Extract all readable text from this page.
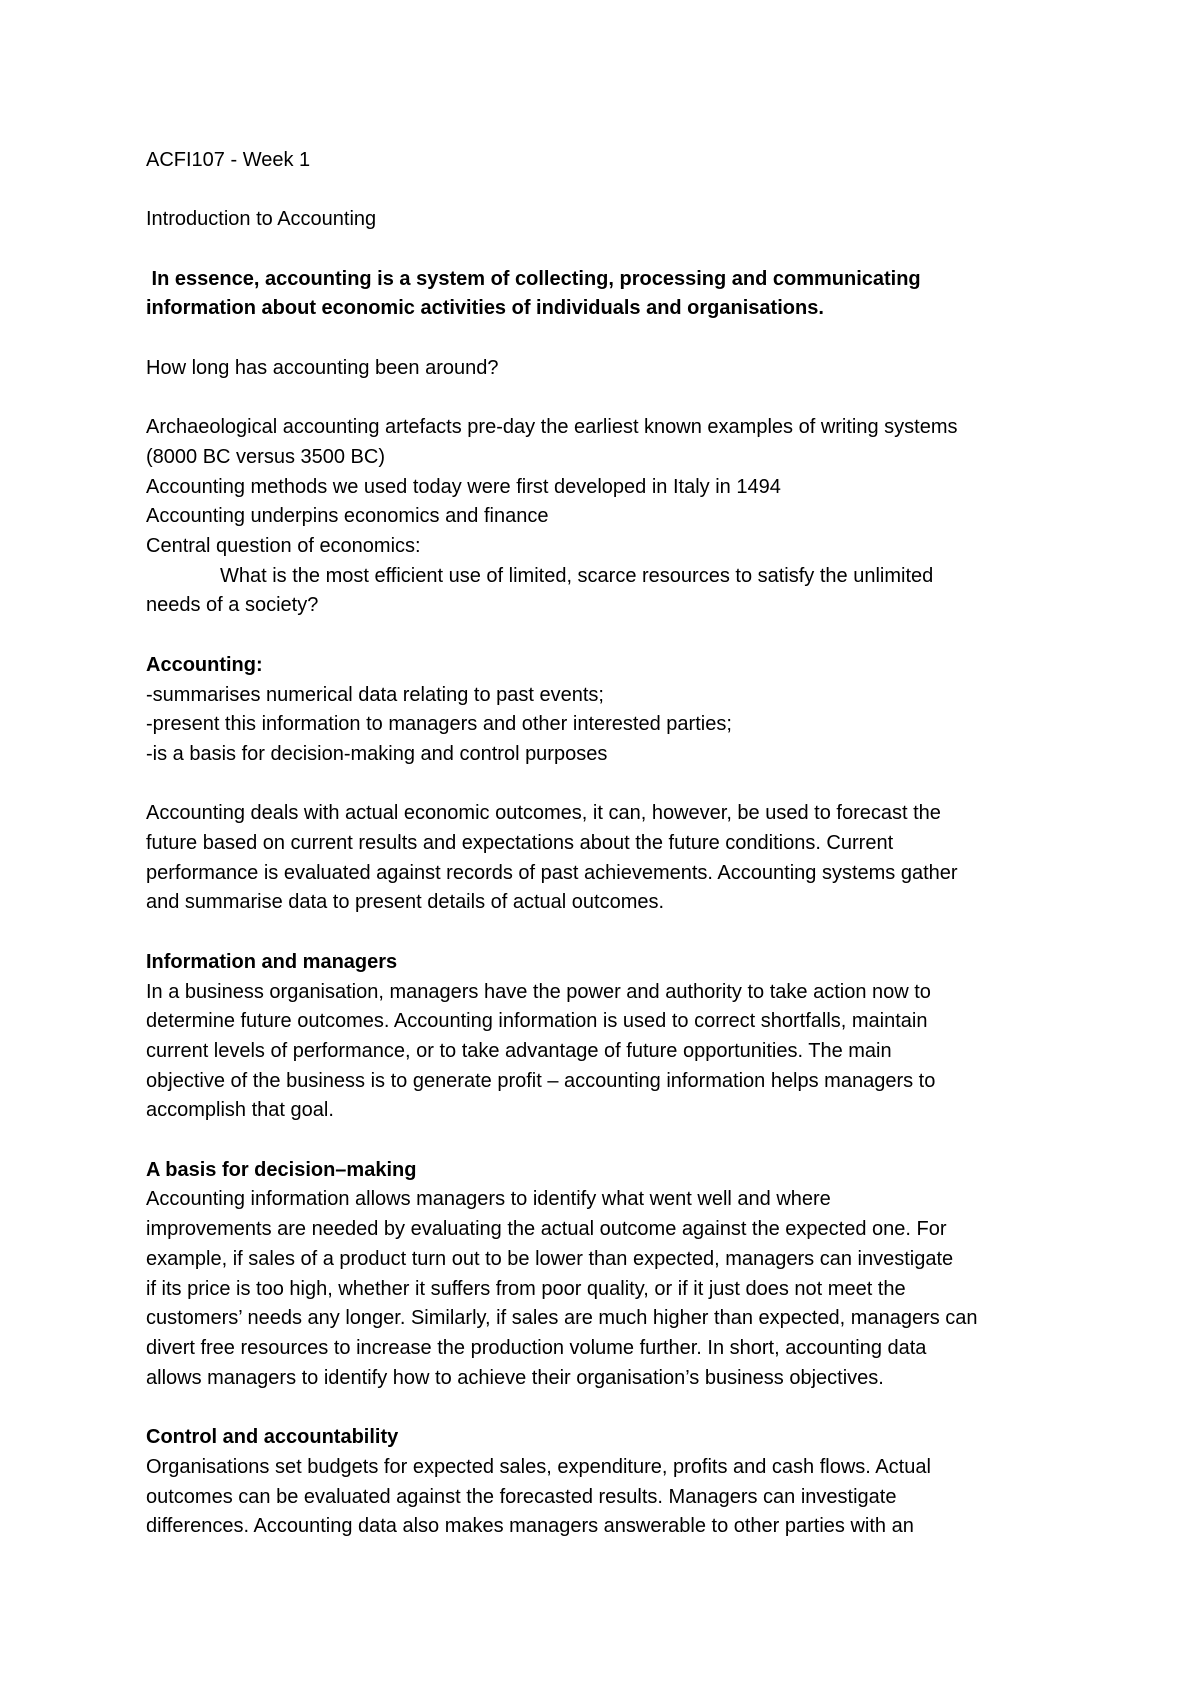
ACFI107 - Week 1
Introduction to Accounting
In essence, accounting is a system of collecting, processing and communicating
information about economic activities of individuals and organisations.
How long has accounting been around?
Archaeological accounting artefacts pre-day the earliest known examples of writing systems
(8000 BC versus 3500 BC)
Accounting methods we used today were first developed in Italy in 1494
Accounting underpins economics and finance
Central question of economics:
What is the most efficient use of limited, scarce resources to satisfy the unlimited
needs of a society?
Accounting:
-summarises numerical data relating to past events;
-present this information to managers and other interested parties;
-is a basis for decision-making and control purposes
Accounting deals with actual economic outcomes, it can, however, be used to forecast the
future based on current results and expectations about the future conditions. Current
performance is evaluated against records of past achievements. Accounting systems gather
and summarise data to present details of actual outcomes.
Information and managers
In a business organisation, managers have the power and authority to take action now to
determine future outcomes. Accounting information is used to correct shortfalls, maintain
current levels of performance, or to take advantage of future opportunities. The main
objective of the business is to generate profit – accounting information helps managers to
accomplish that goal.
A basis for decision–making
Accounting information allows managers to identify what went well and where
improvements are needed by evaluating the actual outcome against the expected one. For
example, if sales of a product turn out to be lower than expected, managers can investigate
if its price is too high, whether it suffers from poor quality, or if it just does not meet the
customers’ needs any longer. Similarly, if sales are much higher than expected, managers can
divert free resources to increase the production volume further. In short, accounting data
allows managers to identify how to achieve their organisation’s business objectives.
Control and accountability
Organisations set budgets for expected sales, expenditure, profits and cash flows. Actual
outcomes can be evaluated against the forecasted results. Managers can investigate
differences. Accounting data also makes managers answerable to other parties with an
